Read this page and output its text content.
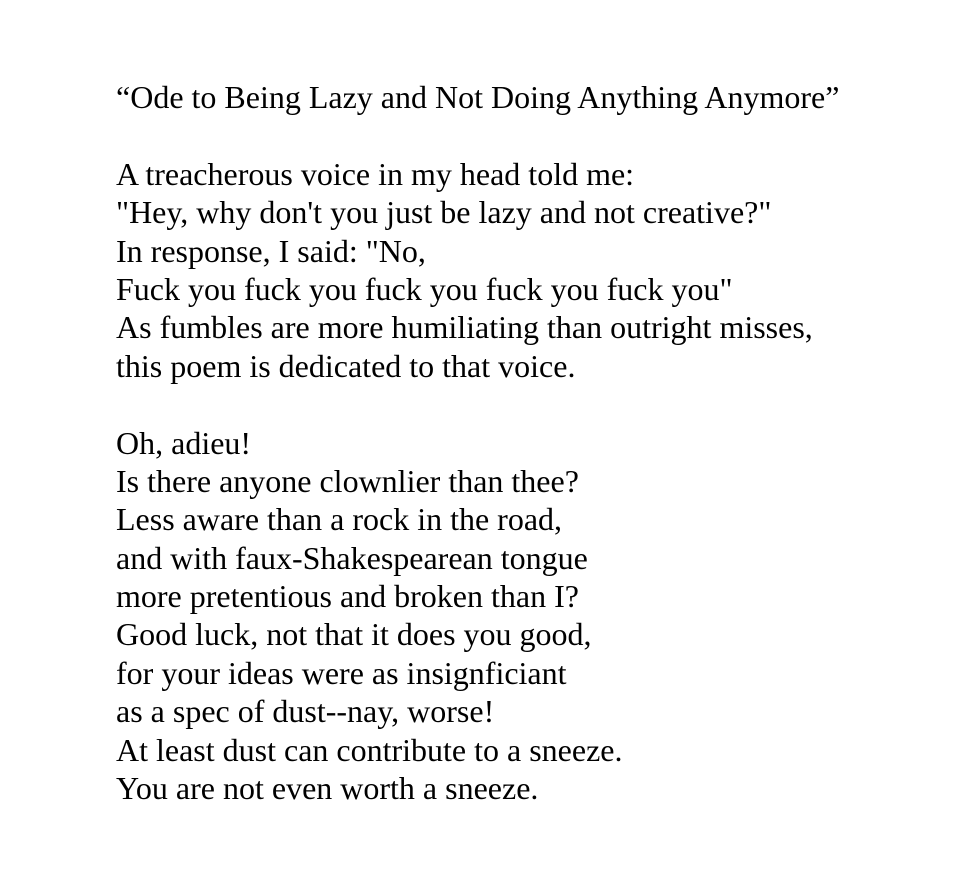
“Ode to Being Lazy and Not Doing Anything Anymore”
A treacherous voice in my head told me:
"Hey, why don't you just be lazy and not creative?"
In response, I said: "No,
Fuck you fuck you fuck you fuck you fuck you"
As fumbles are more humiliating than outright misses,
this poem is dedicated to that voice.
Oh, adieu!
Is there anyone clownlier than thee?
Less aware than a rock in the road,
and with faux-Shakespearean tongue
more pretentious and broken than I?
Good luck, not that it does you good,
for your ideas were as insignficiant
as a spec of dust--nay, worse!
At least dust can contribute to a sneeze.
You are not even worth a sneeze.
